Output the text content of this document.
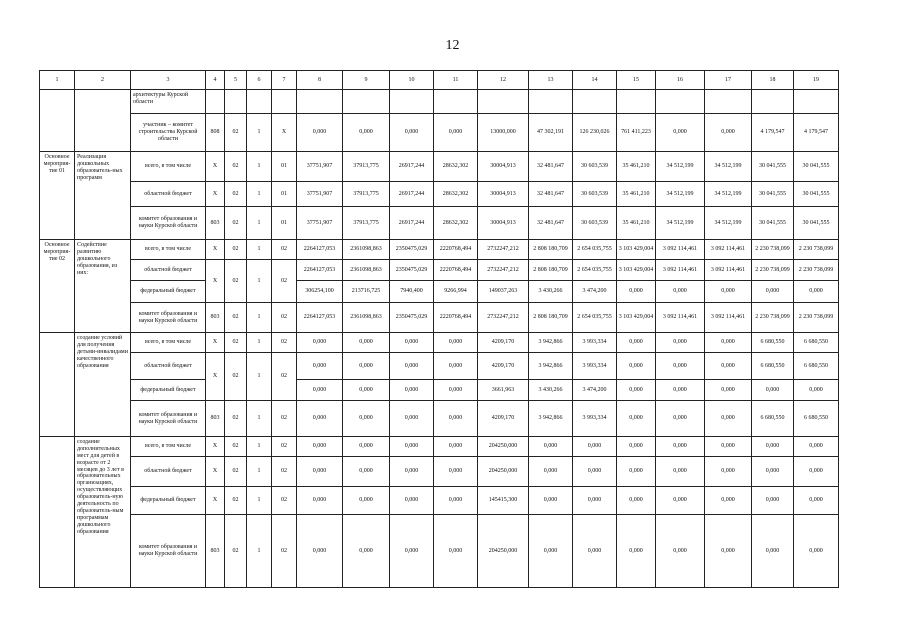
12
1	2	3	4	5	6	7	8	9	10	11	12	13	14	15	16	17	18	19
		архитектуры Курской области																
		участник – комитет строительства Курской области	808	02	1	Х	0,000	0,000	0,000	0,000	13000,000	47 302,191	126 230,026	761 411,223	0,000	0,000	4 179,547	4 179,547
Основное мероприя-тие 01	Реализация дошкольных образователь-ных программ	всего, в том числе	Х	02	1	01	37751,907	37913,775	26917,244	28632,302	30004,913	32 481,647	30 603,539	35 461,210	34 512,199	34 512,199	30 041,555	30 041,555
		областной бюджет	Х	02	1	01	37751,907	37913,775	26917,244	28632,302	30004,913	32 481,647	30 603,539	35 461,210	34 512,199	34 512,199	30 041,555	30 041,555
		комитет образования и науки Курской области	803	02	1	01	37751,907	37913,775	26917,244	28632,302	30004,913	32 481,647	30 603,539	35 461,210	34 512,199	34 512,199	30 041,555	30 041,555
Основное мероприя-тие 02	Содействие развитию дошкольного образования, из них:	всего, в том числе	Х	02	1	02	2264127,053	2361098,863	2350475,029	2220768,494	2732247,212	2 808 180,709	2 654 035,755	3 103 429,004	3 092 114,461	3 092 114,461	2 230 738,099	2 230 738,099
		областной бюджет	Х	02	1	02	2264127,053	2361098,863	2350475,029	2220768,494	2732247,212	2 808 180,709	2 654 035,755	3 103 429,004	3 092 114,461	3 092 114,461	2 230 738,099	2 230 738,099
		федеральный бюджет					306254,100	213716,725	7940,400	9266,994	149037,263	3 430,266	3 474,200	0,000	0,000	0,000	0,000	0,000
		комитет образования и науки Курской области	803	02	1	02	2264127,053	2361098,863	2350475,029	2220768,494	2732247,212	2 808 180,709	2 654 035,755	3 103 429,004	3 092 114,461	3 092 114,461	2 230 738,099	2 230 738,099
	создание условий для получения детьми-инвалидами качественного образования	всего, в том числе	Х	02	1	02	0,000	0,000	0,000	0,000	4209,170	3 942,866	3 993,334	0,000	0,000	0,000	6 680,550	6 680,550
		областной бюджет	Х	02	1	02	0,000	0,000	0,000	0,000	4209,170	3 942,866	3 993,334	0,000	0,000	0,000	6 680,550	6 680,550
		федеральный бюджет					0,000	0,000	0,000	0,000	3661,963	3 430,266	3 474,200	0,000	0,000	0,000	0,000	0,000
		комитет образования и науки Курской области	803	02	1	02	0,000	0,000	0,000	0,000	4209,170	3 942,866	3 993,334	0,000	0,000	0,000	6 680,550	6 680,550
	создание дополнительных мест для детей в возрасте от 2 месяцев до 3 лет в образовательных организациях, осуществляющих образователь-ную деятельность по образователь-ным программам дошкольного образования	всего, в том числе	Х	02	1	02	0,000	0,000	0,000	0,000	204250,000	0,000	0,000	0,000	0,000	0,000	0,000	0,000
		областной бюджет	Х	02	1	02	0,000	0,000	0,000	0,000	204250,000	0,000	0,000	0,000	0,000	0,000	0,000	0,000
		федеральный бюджет	Х	02	1	02	0,000	0,000	0,000	0,000	145415,300	0,000	0,000	0,000	0,000	0,000	0,000	0,000
		комитет образования и науки Курской области	803	02	1	02	0,000	0,000	0,000	0,000	204250,000	0,000	0,000	0,000	0,000	0,000	0,000	0,000
